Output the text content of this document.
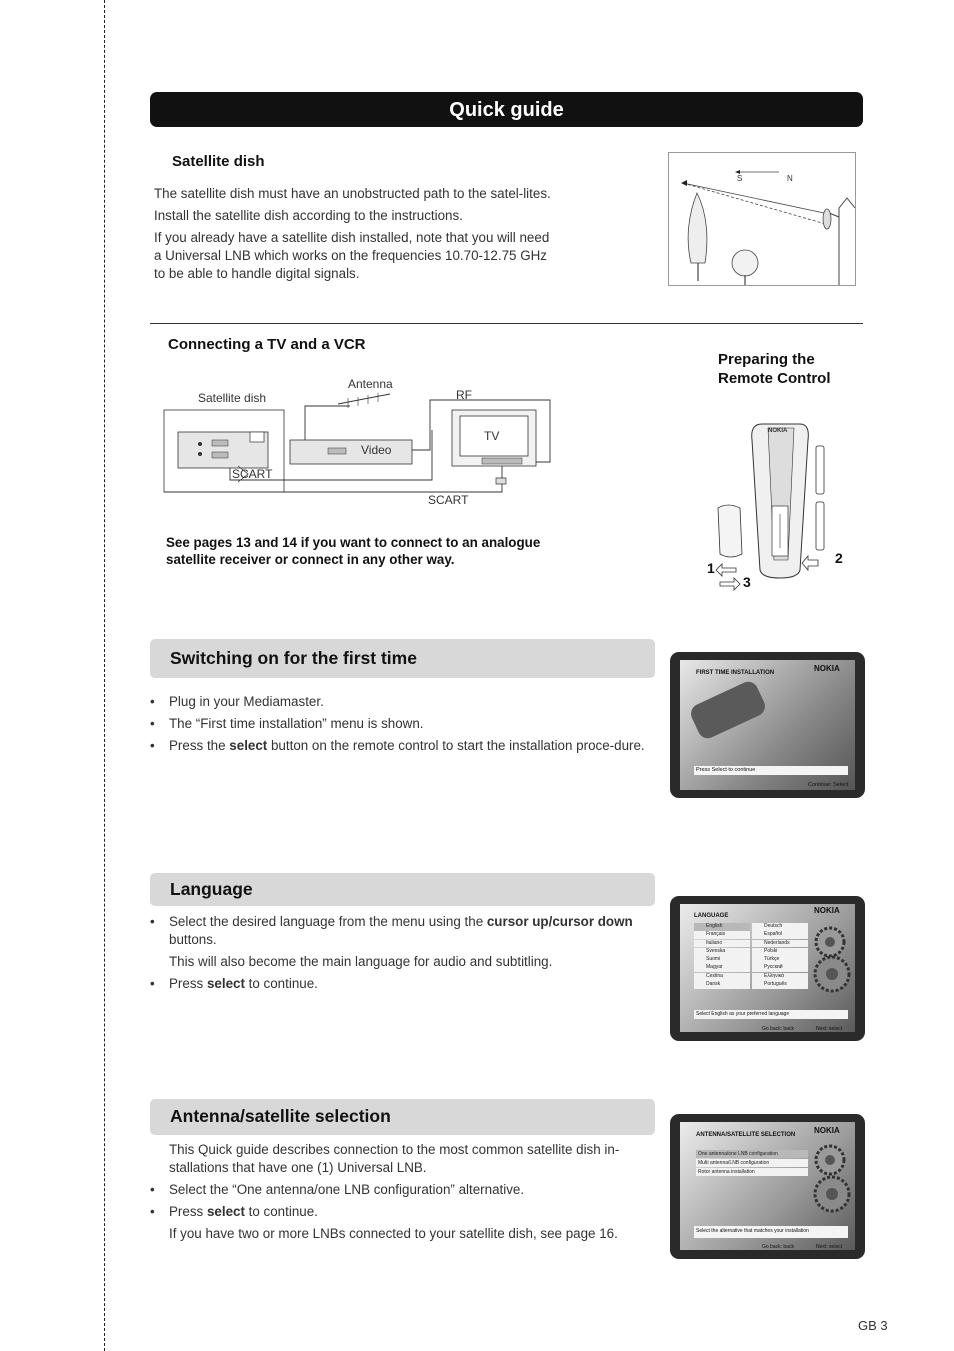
Quick guide
Satellite dish

The satellite dish must have an unobstructed path to the satel-lites.

Install the satellite dish according to the instructions.

If you already have a satellite dish installed, note that you will need a Universal LNB which works on the frequencies 10.70-12.75 GHz to be able to handle digital signals.

S	N
Connecting a TV and a VCR
Satellite dish
Antenna
RF
TV
Video
SCART
SCART

See pages 13 and 14 if you want to connect to an analogue satellite receiver or connect in any other way.

Preparing the Remote Control
NOKIA
1
2
3
Switching on for the first time
• Plug in your Mediamaster.
• The “First time installation” menu is shown.
• Press the select button on the remote control to start the installation proce-dure.
FIRST TIME INSTALLATION	NOKIA
Press Select to continue
Continue: Select
Language
• Select the desired language from the menu using the cursor up/cursor down buttons.
This will also become the main language for audio and subtitling.
• Press select to continue.
LANGUAGE
NOKIA
English
Français
Italiano
Svenska
Suomi
Magyar
Cestina
Dansk
Deutsch
Español
Nederlands
Polski
Türkçe
Русский
Ελληνικά
Português
Select English as your preferred language
Go back: back	Next: select
Antenna/satellite selection

This Quick guide describes connection to the most common satellite dish in-stallations that have one (1) Universal LNB.

• Select the “One antenna/one LNB configuration” alternative.
• Press select to continue.
If you have two or more LNBs connected to your satellite dish, see page 16.
ANTENNA/SATELLITE SELECTION NOKIA
One antenna/one LNB configuration
Multi antenna/LNB configuration
Rotor antenna installation
Select the alternative that matches your installation
Go back: back	Next: select
GB 3
